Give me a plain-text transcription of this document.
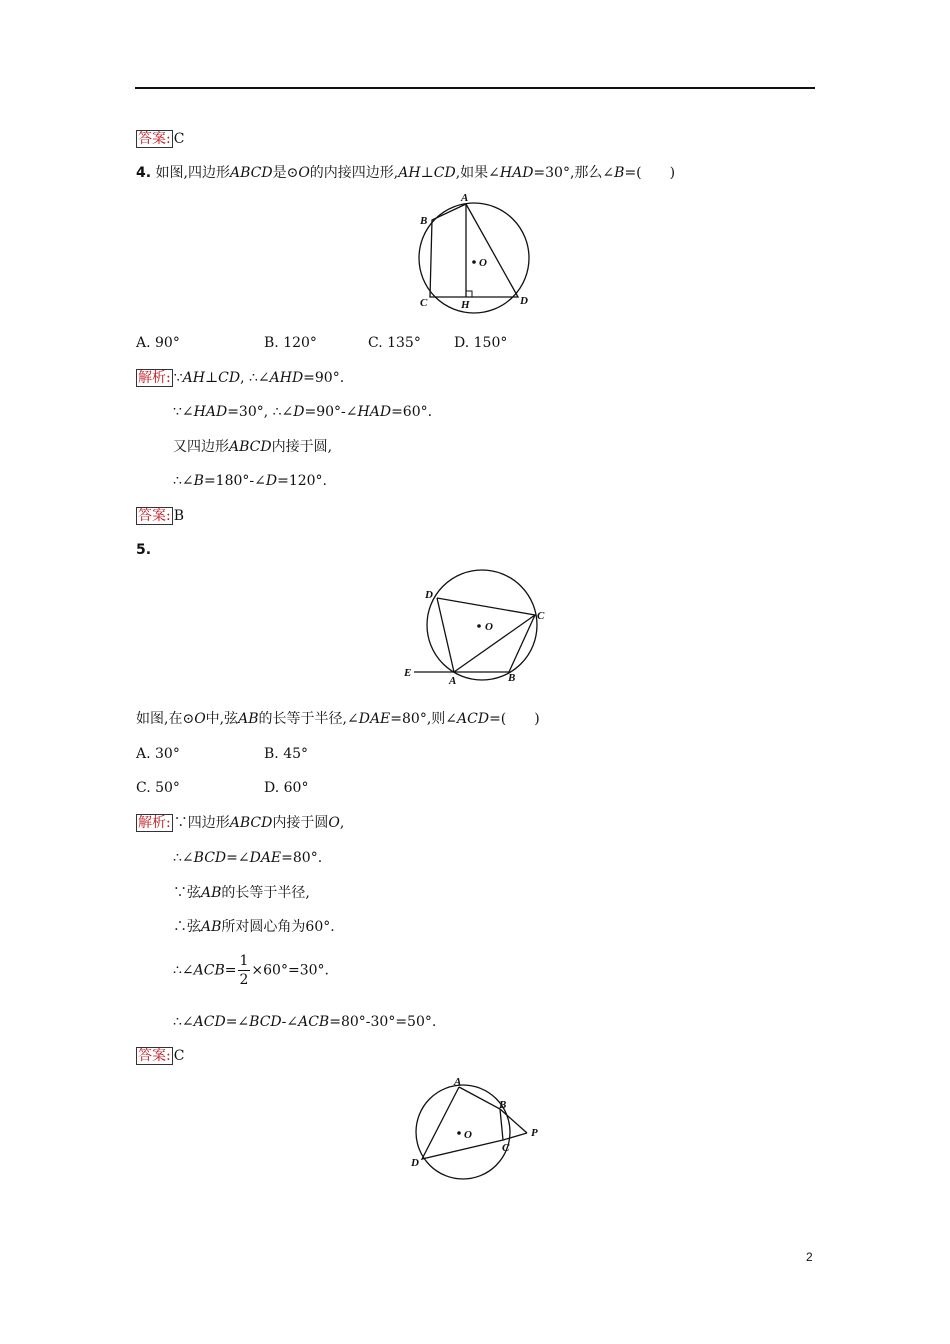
答案: C
4. 如图,四边形ABCD是⊙O的内接四边形,AH⊥CD,如果∠HAD=30°,那么∠B=(　　)
A
B
C	D
H
O
A. 90°	B. 120°	C. 135° D. 150°
解析: ∵AH⊥CD, ∴∠AHD=90°.
∵∠HAD=30°, ∴∠D=90°-∠HAD=60°.
又四边形ABCD内接于圆,
∴∠B=180°-∠D=120°.
答案: B
5.
D
C
E
A	B
O
如图,在⊙O中,弦AB的长等于半径,∠DAE=80°,则∠ACD=(　　)
A. 30°	B. 45°
C. 50°	D. 60°
解析: ∵四边形ABCD内接于圆O,
∴∠BCD=∠DAE=80°.
∵弦AB的长等于半径,
∴弦AB所对圆心角为60°.
∴∠ACB= $\frac{1}{2} \times 60^\circ=30^\circ$.
∴∠ACD=∠BCD-∠ACB=80°-30°=50°.
答案: C
A
B
C
D
P
O
2
